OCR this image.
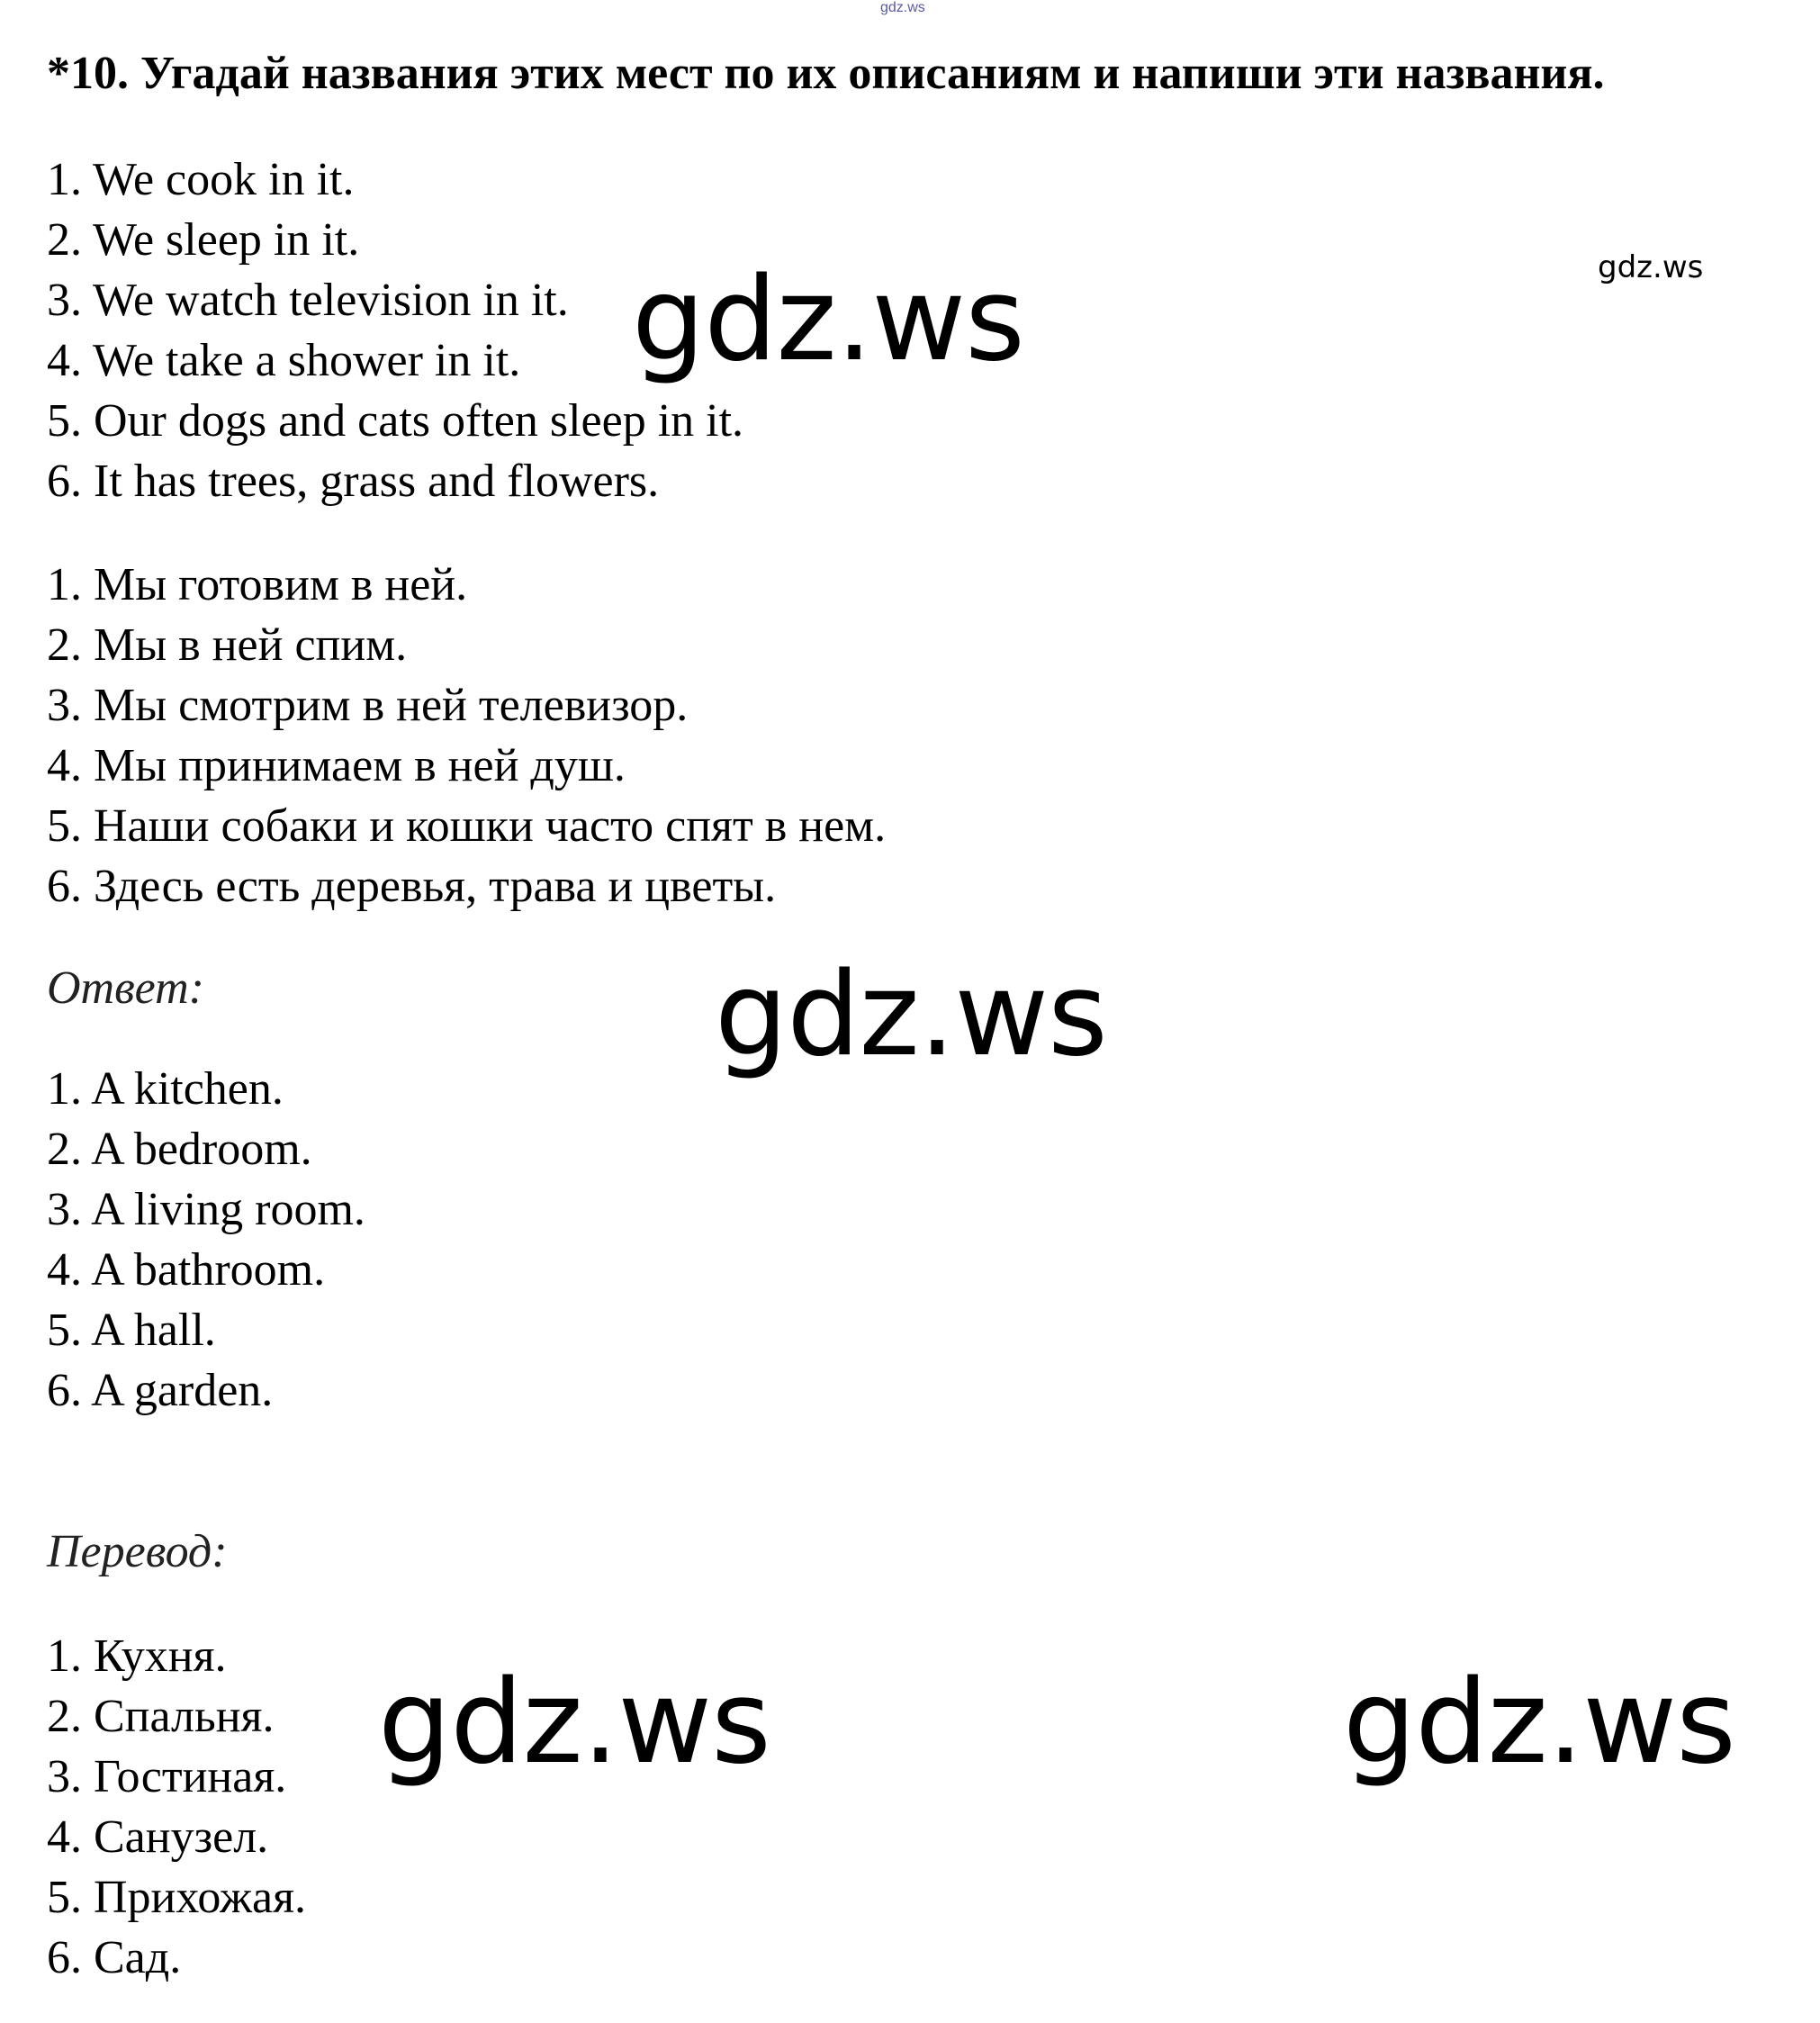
gdz.ws
*10. Угадай названия этих мест по их описаниям и напиши эти названия.
1. We cook in it.
2. We sleep in it.
3. We watch television in it.
4. We take a shower in it.
5. Our dogs and cats often sleep in it.
6. It has trees, grass and flowers.
1. Мы готовим в ней.
2. Мы в ней спим.
3. Мы смотрим в ней телевизор.
4. Мы принимаем в ней душ.
5. Наши собаки и кошки часто спят в нем.
6. Здесь есть деревья, трава и цветы.
Ответ:
1. A kitchen.
2. A bedroom.
3. A living room.
4. A bathroom.
5. A hall.
6. A garden.
Перевод:
1. Кухня.
2. Спальня.
3. Гостиная.
4. Санузел.
5. Прихожая.
6. Сад.
gdz.ws
gdz.ws
gdz.ws
gdz.ws	gdz.ws
